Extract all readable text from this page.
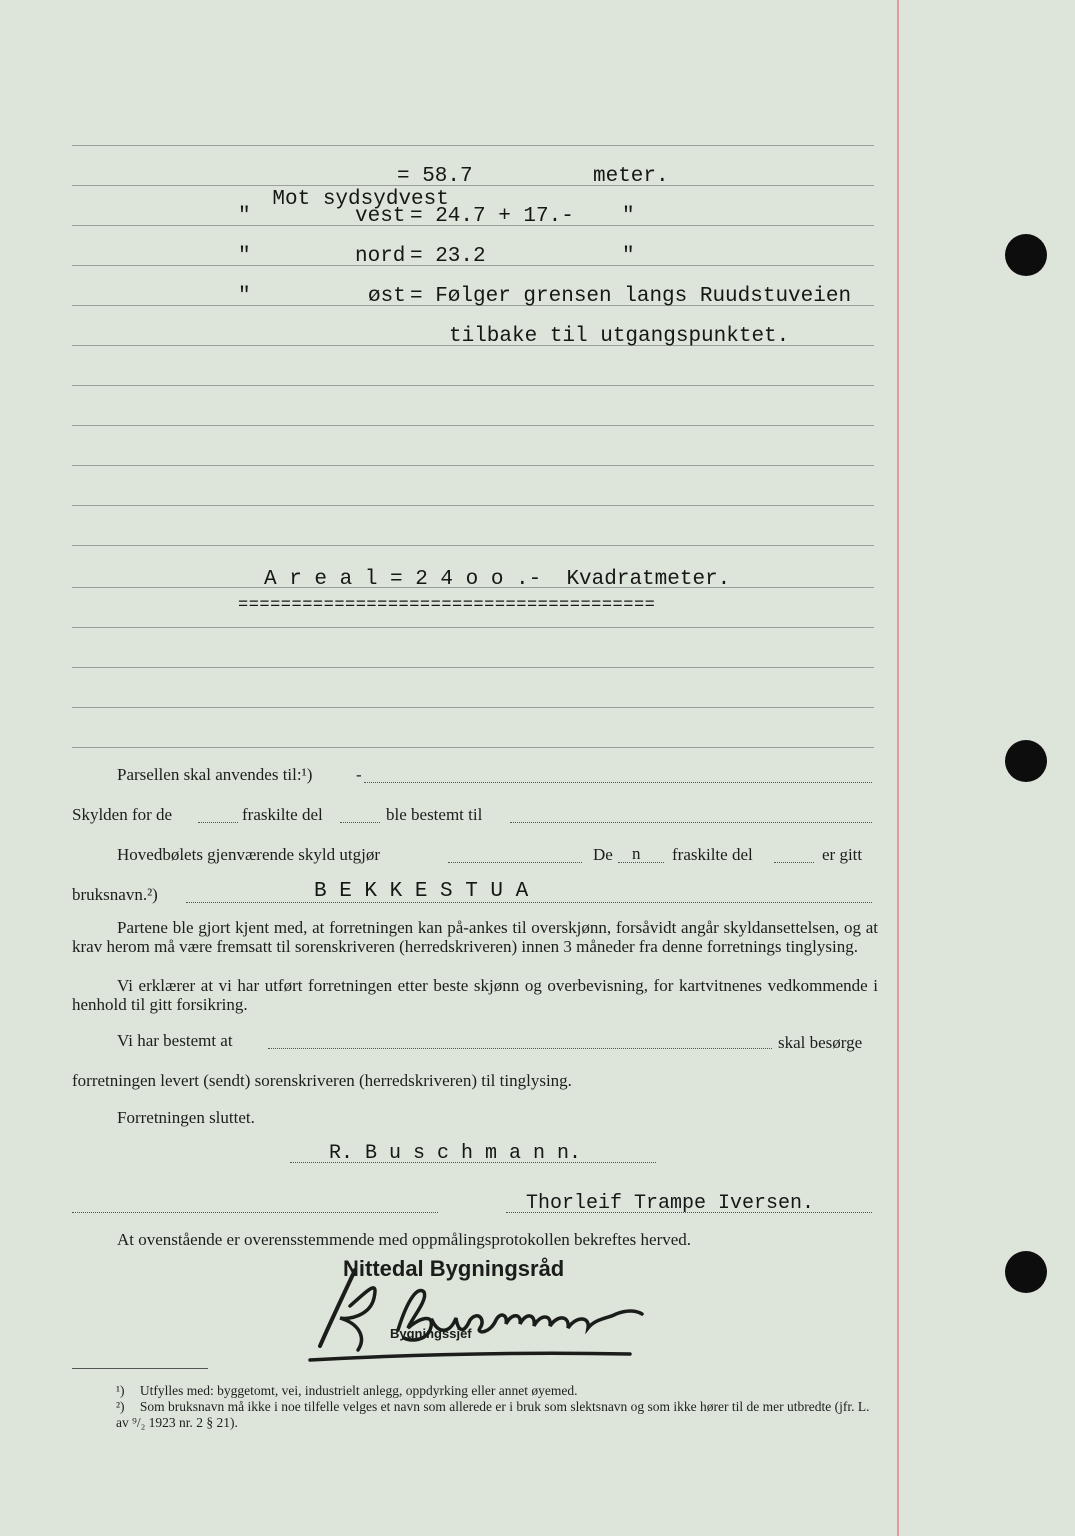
Mot sydsydvest

= 58.7	meter.
"	vest = 24.7 + 17.- "
"	nord = 23.2	"
"	øst = Følger grensen langs Ruudstuveien
tilbake til utgangspunktet.
A r e a l = 2 4 o o .-  Kvadratmeter.
=======================================
Parsellen skal anvendes til:¹)	-
Skylden for de	fraskilte del	ble bestemt til
Hovedbølets gjenværende skyld utgjør	De n fraskilte del	er gitt
bruksnavn.²)	B E K K E S T U A
Partene ble gjort kjent med, at forretningen kan på-ankes til overskjønn, forsåvidt angår skyldansettelsen, og at krav herom må være fremsatt til sorenskriveren (herredskriveren) innen 3 måneder fra denne forretnings tinglysing.
Vi erklærer at vi har utført forretningen etter beste skjønn og overbevisning, for kartvitnenes vedkommende i henhold til gitt forsikring.
Vi har bestemt at	skal besørge
forretningen levert (sendt) sorenskriveren (herredskriveren) til tinglysing.
Forretningen sluttet.
R. B u s c h m a n n.
Thorleif Trampe Iversen.
At ovenstående er overensstemmende med oppmålingsprotokollen bekreftes herved.
Nittedal Bygningsråd
Bygningssjef
¹) Utfylles med: byggetomt, vei, industrielt anlegg, oppdyrking eller annet øyemed.
²) Som bruksnavn må ikke i noe tilfelle velges et navn som allerede er i bruk som slektsnavn og som ikke hører til de mer utbredte (jfr. L. av ⁹/₂ 1923 nr. 2 § 21).
